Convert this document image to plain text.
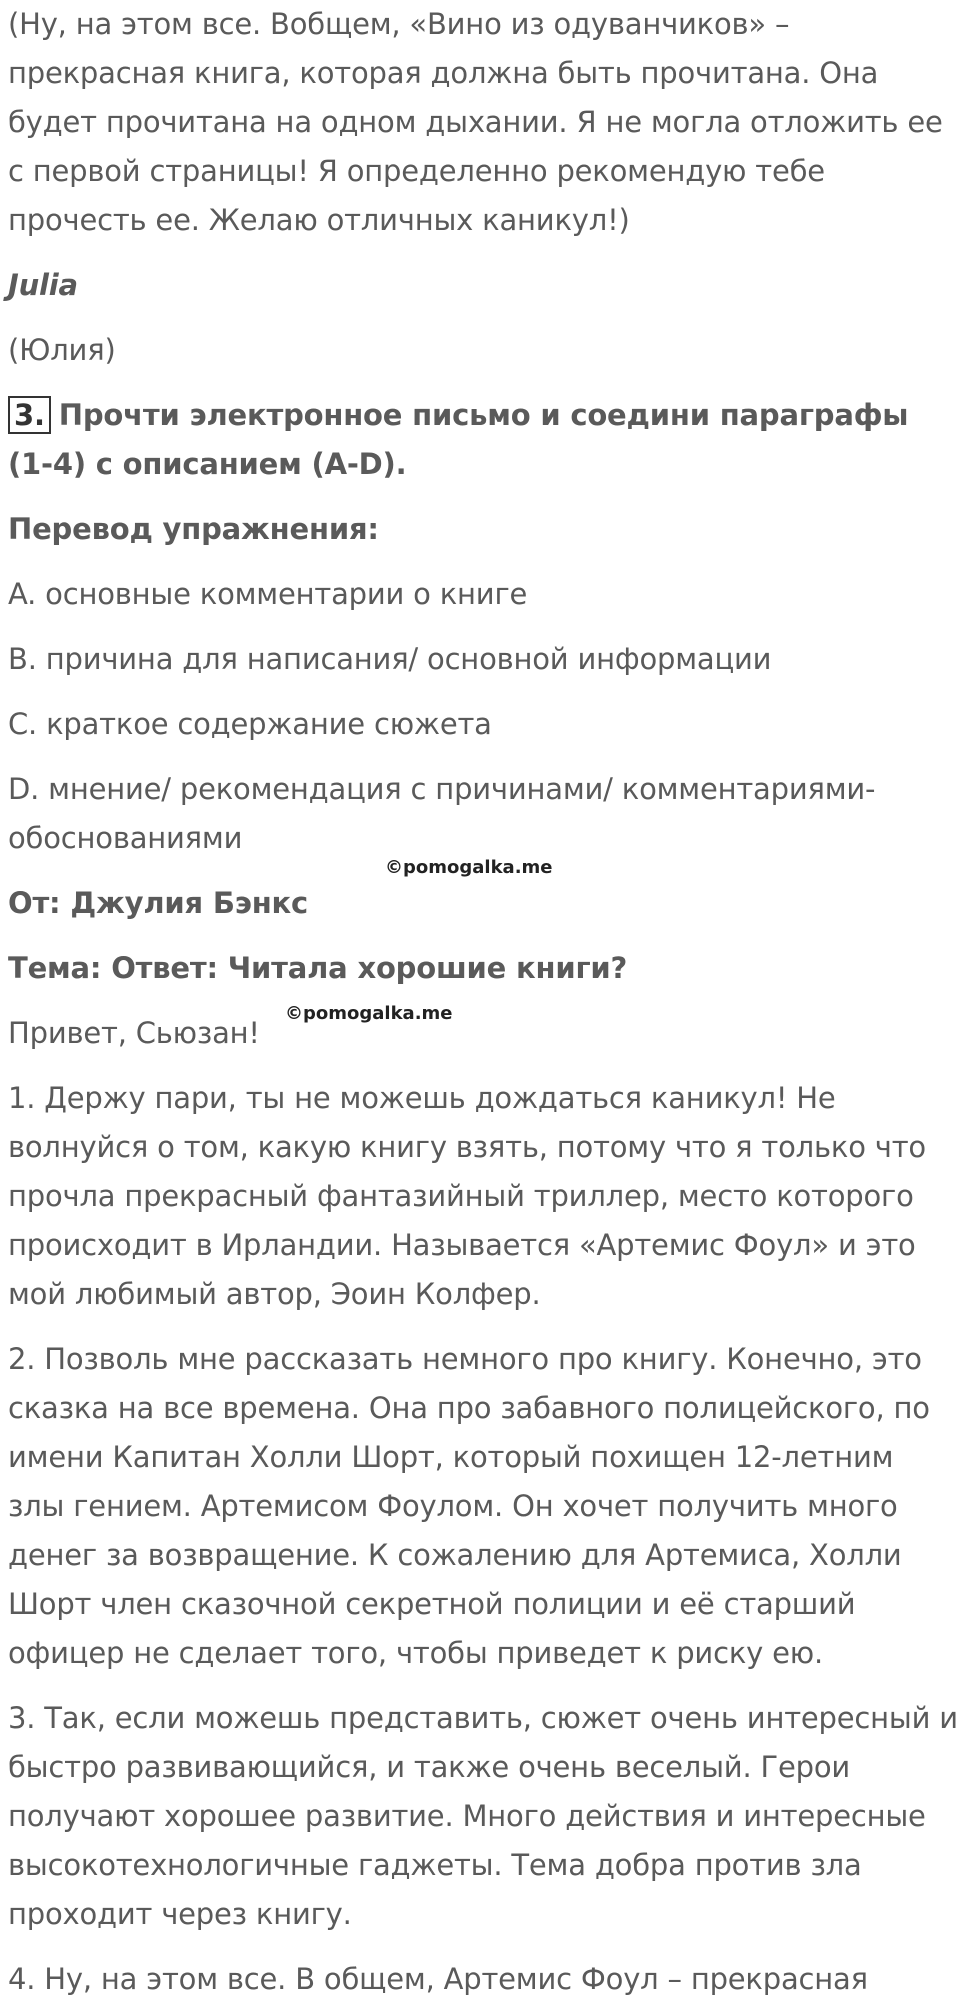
(Ну, на этом все. Вобщем, «Вино из одуванчиков» – прекрасная книга, которая должна быть прочитана. Она будет прочитана на одном дыхании. Я не могла отложить ее с первой страницы! Я определенно рекомендую тебе прочесть ее. Желаю отличных каникул!)

Julia

(Юлия)

3. Прочти электронное письмо и соедини параграфы (1-4) с описанием (A-D).

Перевод упражнения:

A. основные комментарии о книге

B. причина для написания/ основной информации

C. краткое содержание сюжета

D. мнение/ рекомендация с причинами/ комментариями-обоснованиями

От: Джулия Бэнкс

Тема: Ответ: Читала хорошие книги?

Привет, Сьюзан!

1. Держу пари, ты не можешь дождаться каникул! Не волнуйся о том, какую книгу взять, потому что я только что прочла прекрасный фантазийный триллер, место которого происходит в Ирландии. Называется «Артемис Фоул» и это мой любимый автор, Эоин Колфер.

2. Позволь мне рассказать немного про книгу. Конечно, это сказка на все времена. Она про забавного полицейского, по имени Капитан Холли Шорт, который похищен 12-летним злы гением. Артемисом Фоулом. Он хочет получить много денег за возвращение. К сожалению для Артемиса, Холли Шорт член сказочной секретной полиции и её старший офицер не сделает того, чтобы приведет к риску ею.

3. Так, если можешь представить, сюжет очень интересный и быстро развивающийся, и также очень веселый. Герои получают хорошее развитие. Много действия и интересные высокотехнологичные гаджеты. Тема добра против зла проходит через книгу.

4. Ну, на этом все. В общем, Артемис Фоул – прекрасная

©pomogalka.me
©pomogalka.me
